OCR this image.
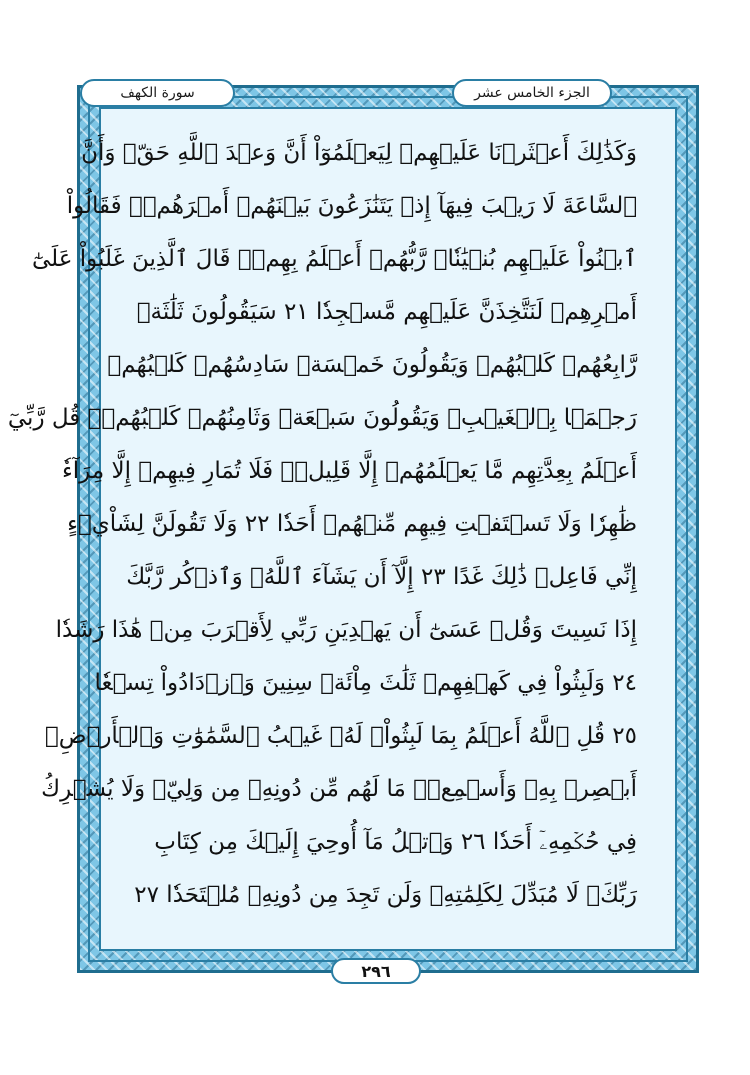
سورة الكهف	الجزء الخامس عشر
وَكَذَٰلِكَ أَعۡثَرۡنَا عَلَيۡهِمۡ لِيَعۡلَمُوٓاْ أَنَّ وَعۡدَ ٱللَّهِ حَقّٞ وَأَنَّ
ٱلسَّاعَةَ لَا رَيۡبَ فِيهَآ إِذۡ يَتَنَٰزَعُونَ بَيۡنَهُمۡ أَمۡرَهُمۡۖ فَقَالُواْ
ٱبۡنُواْ عَلَيۡهِم بُنۡيَٰنٗاۖ رَّبُّهُمۡ أَعۡلَمُ بِهِمۡۚ قَالَ ٱلَّذِينَ غَلَبُواْ عَلَىٰٓ
أَمۡرِهِمۡ لَنَتَّخِذَنَّ عَلَيۡهِم مَّسۡجِدٗا ٢١ سَيَقُولُونَ ثَلَٰثَةٞ
رَّابِعُهُمۡ كَلۡبُهُمۡ وَيَقُولُونَ خَمۡسَةٞ سَادِسُهُمۡ كَلۡبُهُمۡ
رَجۡمَۢا بِٱلۡغَيۡبِۖ وَيَقُولُونَ سَبۡعَةٞ وَثَامِنُهُمۡ كَلۡبُهُمۡۚ قُل رَّبِّيٓ
أَعۡلَمُ بِعِدَّتِهِم مَّا يَعۡلَمُهُمۡ إِلَّا قَلِيلٞۗ فَلَا تُمَارِ فِيهِمۡ إِلَّا مِرَآءٗ
ظَٰهِرٗا وَلَا تَسۡتَفۡتِ فِيهِم مِّنۡهُمۡ أَحَدٗا ٢٢ وَلَا تَقُولَنَّ لِشَاْيۡءٍ
إِنِّي فَاعِلٞ ذَٰلِكَ غَدًا ٢٣ إِلَّآ أَن يَشَآءَ ٱللَّهُۚ وَٱذۡكُر رَّبَّكَ
إِذَا نَسِيتَ وَقُلۡ عَسَىٰٓ أَن يَهۡدِيَنِ رَبِّي لِأَقۡرَبَ مِنۡ هَٰذَا رَشَدٗا
٢٤ وَلَبِثُواْ فِي كَهۡفِهِمۡ ثَلَٰثَ مِاْئَةٖ سِنِينَ وَٱزۡدَادُواْ تِسۡعٗا
٢٥ قُلِ ٱللَّهُ أَعۡلَمُ بِمَا لَبِثُواْۖ لَهُۥ غَيۡبُ ٱلسَّمَٰوَٰتِ وَٱلۡأَرۡضِۖ
أَبۡصِرۡ بِهِۦ وَأَسۡمِعۡۚ مَا لَهُم مِّن دُونِهِۦ مِن وَلِيّٖ وَلَا يُشۡرِكُ
فِي حُكۡمِهِۦٓ أَحَدٗا ٢٦ وَٱتۡلُ مَآ أُوحِيَ إِلَيۡكَ مِن كِتَابِ
رَبِّكَۖ لَا مُبَدِّلَ لِكَلِمَٰتِهِۦ وَلَن تَجِدَ مِن دُونِهِۦ مُلۡتَحَدٗا ٢٧
٢٩٦
